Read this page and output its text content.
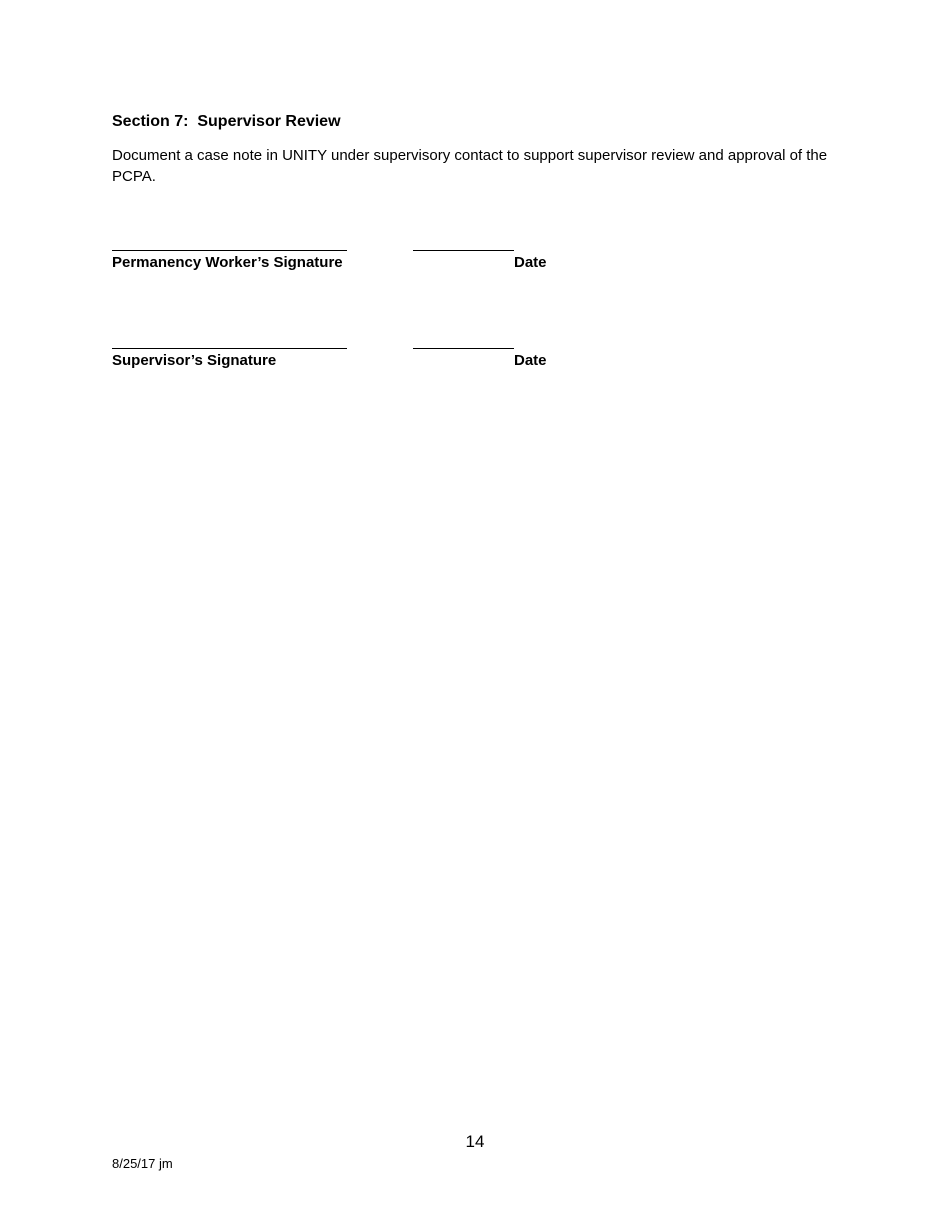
Section 7:  Supervisor Review
Document a case note in UNITY under supervisory contact to support supervisor review and approval of the PCPA.
Permanency Worker’s Signature	Date
Supervisor’s Signature	Date
14
8/25/17 jm
